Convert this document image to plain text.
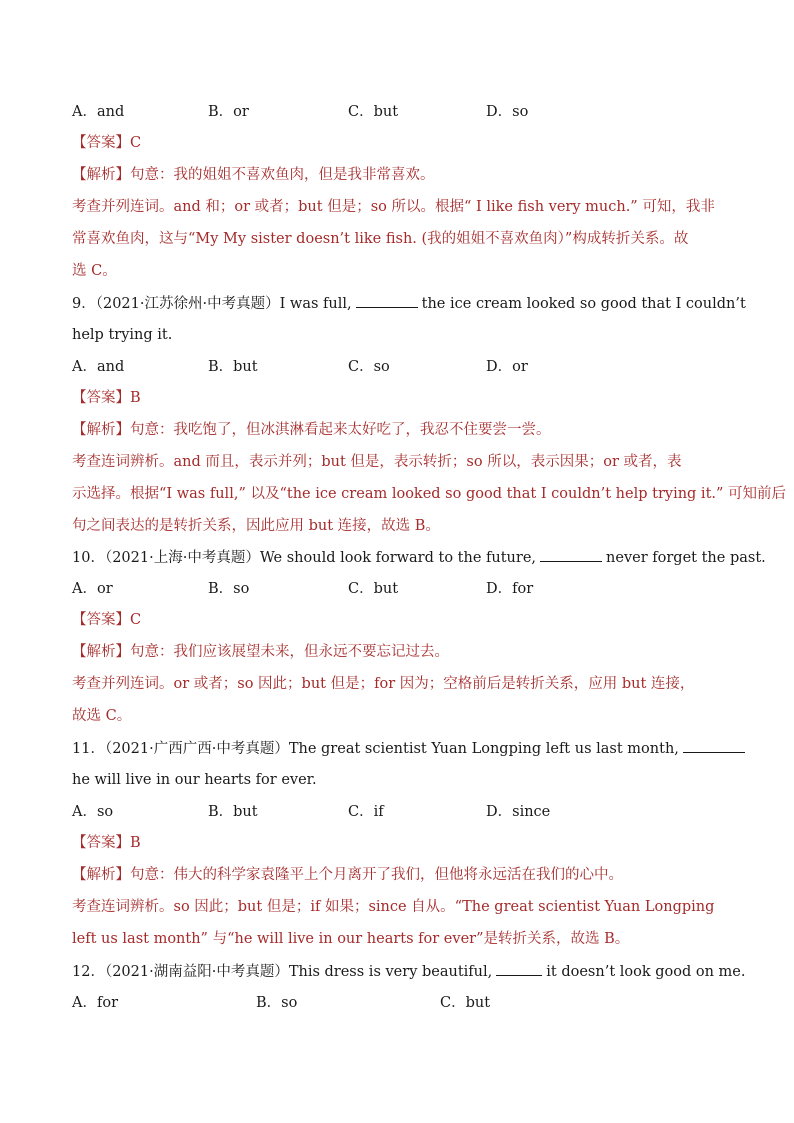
A．and	B．or	C．but	D．so
【答案】C
【解析】句意：我的姐姐不喜欢鱼肉，但是我非常喜欢。
考查并列连词。and 和；or 或者；but 但是；so 所以。根据“ I like fish very much.” 可知，我非
常喜欢鱼肉，这与“My My sister doesn’t like fish. (我的姐姐不喜欢鱼肉）”构成转折关系。故
选 C。
9．（2021·江苏徐州·中考真题）I was full,	the ice cream looked so good that I couldn’t
help trying it.
A．and	B．but	C．so	D．or
【答案】B
【解析】句意：我吃饱了，但冰淇淋看起来太好吃了，我忍不住要尝一尝。
考查连词辨析。and 而且，表示并列；but 但是，表示转折；so 所以，表示因果；or 或者，表
示选择。根据“I was full,” 以及“the ice cream looked so good that I couldn’t help trying it.” 可知前后
句之间表达的是转折关系，因此应用 but 连接，故选 B。
10．（2021·上海·中考真题）We should look forward to the future,	never forget the past.
A．or	B．so	C．but	D．for
【答案】C
【解析】句意：我们应该展望未来，但永远不要忘记过去。
考查并列连词。or 或者；so 因此；but 但是；for 因为；空格前后是转折关系，应用 but 连接，
故选 C。
11．（2021·广西广西·中考真题）The great scientist Yuan Longping left us last month,
he will live in our hearts for ever.
A．so	B．but	C．if	D．since
【答案】B
【解析】句意：伟大的科学家袁隆平上个月离开了我们，但他将永远活在我们的心中。
考查连词辨析。so 因此；but 但是；if 如果；since 自从。“The great scientist Yuan Longping
left us last month” 与“he will live in our hearts for ever”是转折关系，故选 B。
12．（2021·湖南益阳·中考真题）This dress is very beautiful,	it doesn’t look good on me.
A．for	B．so	C．but
